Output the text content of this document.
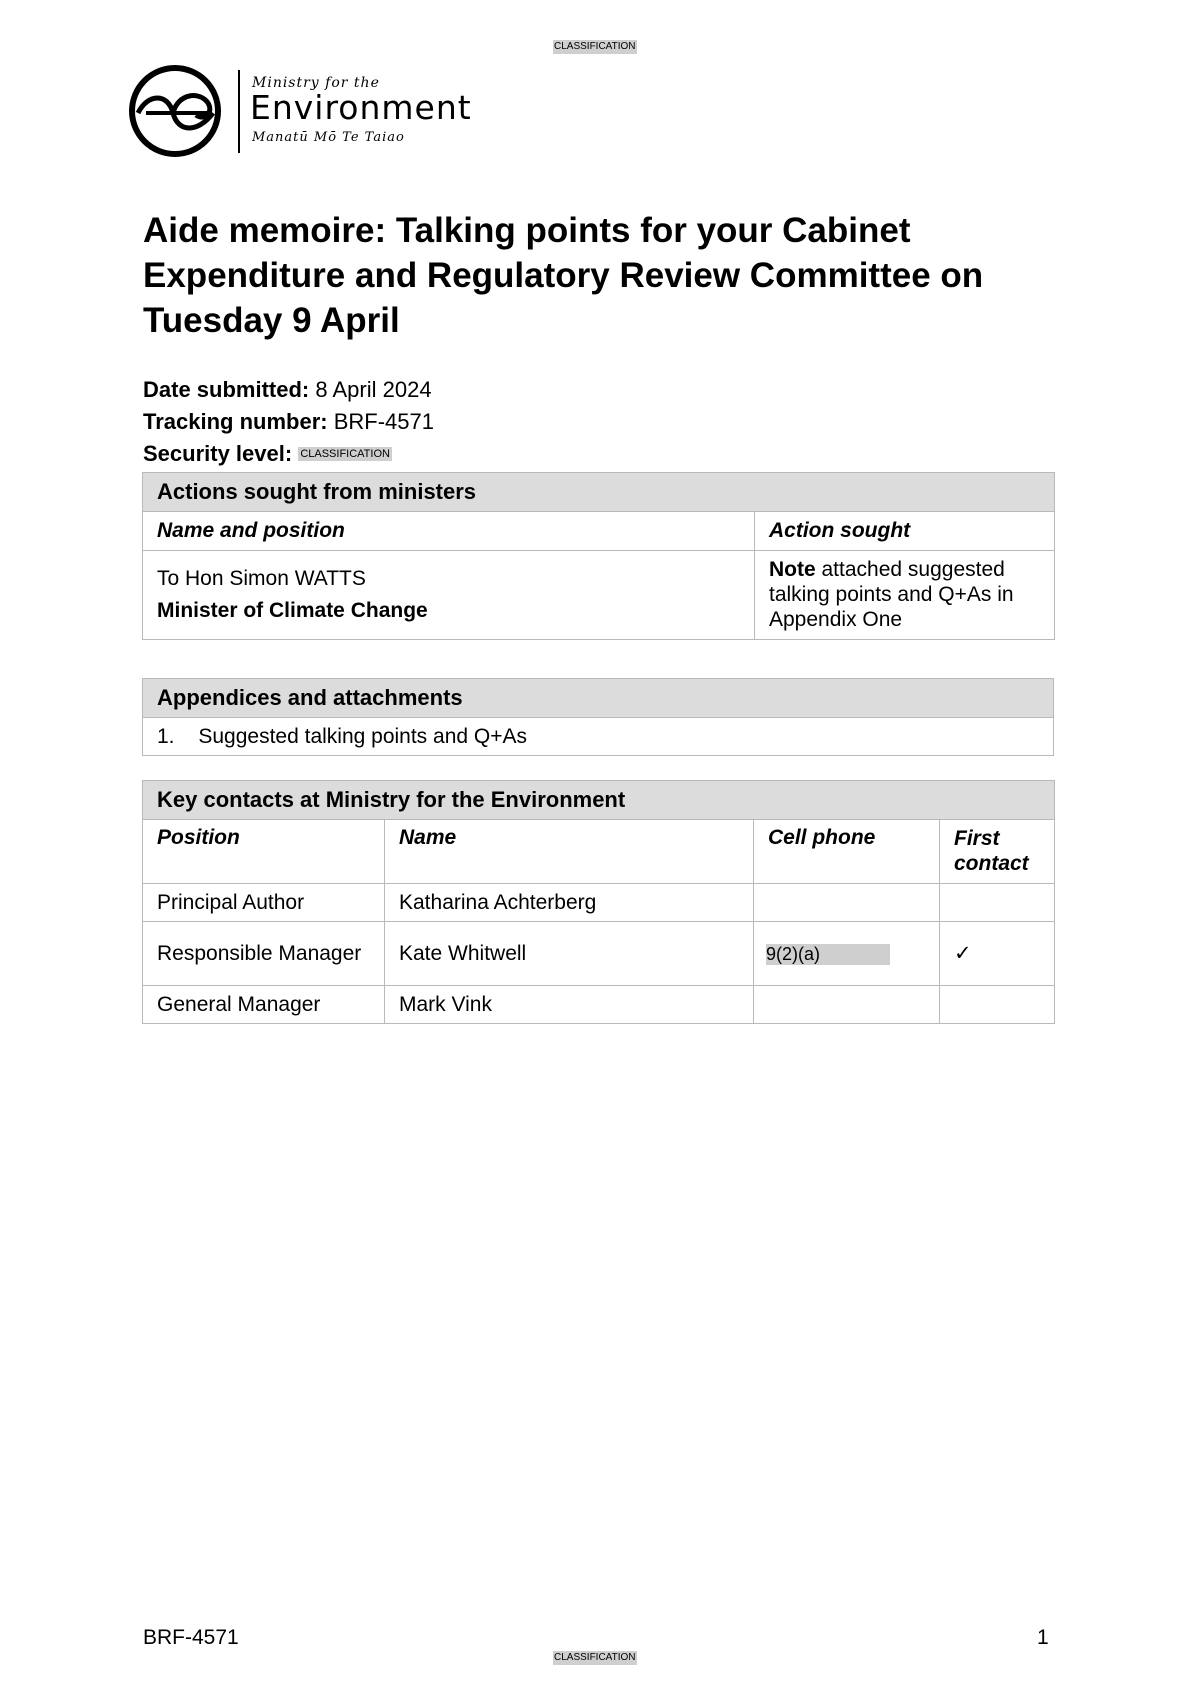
CLASSIFICATION
Ministry for the
Environment
Manatū Mō Te Taiao
Aide memoire: Talking points for your Cabinet Expenditure and Regulatory Review Committee on Tuesday 9 April
Date submitted: 8 April 2024
Tracking number: BRF-4571
Security level: $^{CLASSIFICATION}$
Actions sought from ministers	
Name and position	Action sought

To Hon Simon WATTS
Minister of Climate Change	Note attached suggested talking points and Q+As in Appendix One
Appendices and attachments
1. Suggested talking points and Q+As
Key contacts at Ministry for the Environment			
Position	Name	Cell phone	First contact
Principal Author	Katharina Achterberg		
Responsible Manager	Kate Whitwell	9(2)(a)	✓
General Manager	Mark Vink		
BRF-4571
CLASSIFICATION
1
